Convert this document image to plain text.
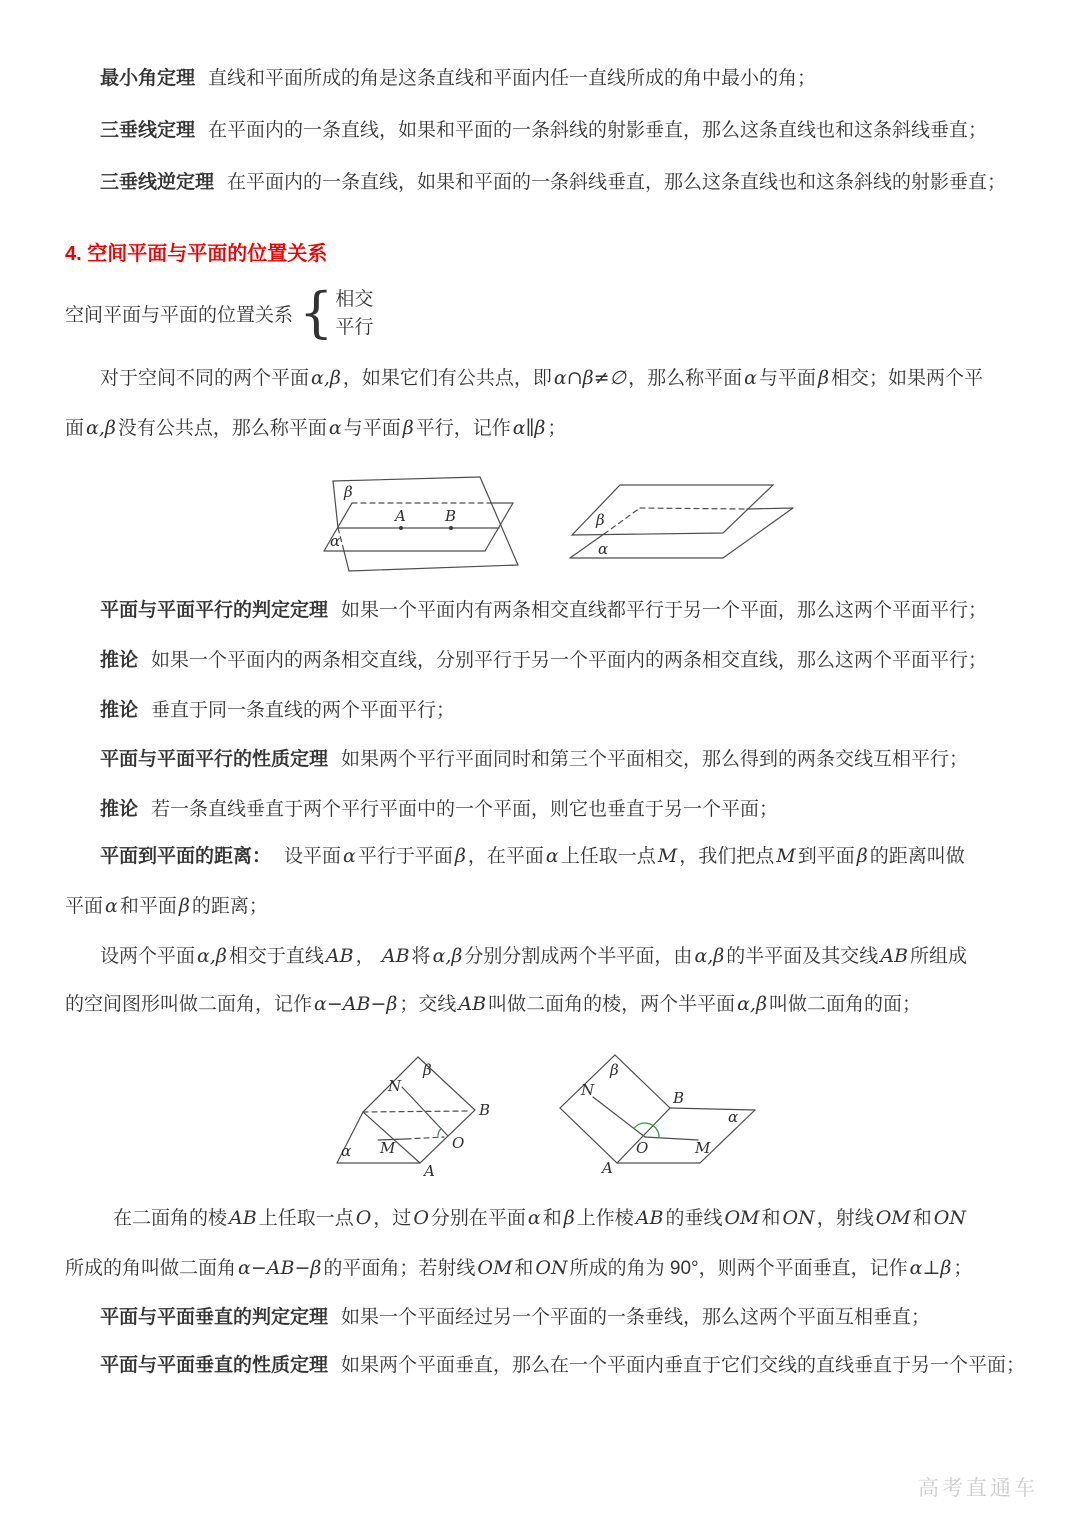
最小角定理 直线和平面所成的角是这条直线和平面内任一直线所成的角中最小的角；
三垂线定理 在平面内的一条直线，如果和平面的一条斜线的射影垂直，那么这条直线也和这条斜线垂直；
三垂线逆定理 在平面内的一条直线，如果和平面的一条斜线垂直，那么这条直线也和这条斜线的射影垂直；
4. 空间平面与平面的位置关系
空间平面与平面的位置关系 { 相交
平行
对于空间不同的两个平面 α,β ，如果它们有公共点，即 α∩β≠∅ ，那么称平面 α 与平面 β 相交；如果两个平
面 α,β 没有公共点，那么称平面 α 与平面 β 平行，记作 α∥β ；
β
α
A	B	β
α
平面与平面平行的判定定理 如果一个平面内有两条相交直线都平行于另一个平面，那么这两个平面平行；
推论 如果一个平面内的两条相交直线，分别平行于另一个平面内的两条相交直线，那么这两个平面平行；
推论 垂直于同一条直线的两个平面平行；
平面与平面平行的性质定理 如果两个平行平面同时和第三个平面相交，那么得到的两条交线互相平行；
推论 若一条直线垂直于两个平行平面中的一个平面，则它也垂直于另一个平面；
平面到平面的距离： 设平面 α 平行于平面 β ，在平面 α 上任取一点 M ，我们把点 M 到平面 β 的距离叫做
平面 α 和平面 β 的距离；
设两个平面 α,β 相交于直线 AB ， AB 将 α,β 分别分割成两个半平面，由 α,β 的半平面及其交线 AB 所组成
的空间图形叫做二面角，记作 α−AB−β ；交线 AB 叫做二面角的棱，两个半平面 α,β 叫做二面角的面；
β
N
B
O
A
M
α
β
N	B
α
O	M
A
在二面角的棱 AB 上任取一点 O ，过 O 分别在平面 α 和 β 上作棱 AB 的垂线 OM 和 ON ，射线 OM 和 ON
所成的角叫做二面角 α−AB−β 的平面角；若射线 OM 和 ON 所成的角为 90°，则两个平面垂直，记作 α⊥β ；
平面与平面垂直的判定定理 如果一个平面经过另一个平面的一条垂线，那么这两个平面互相垂直；
平面与平面垂直的性质定理 如果两个平面垂直，那么在一个平面内垂直于它们交线的直线垂直于另一个平面；
高考直通车
